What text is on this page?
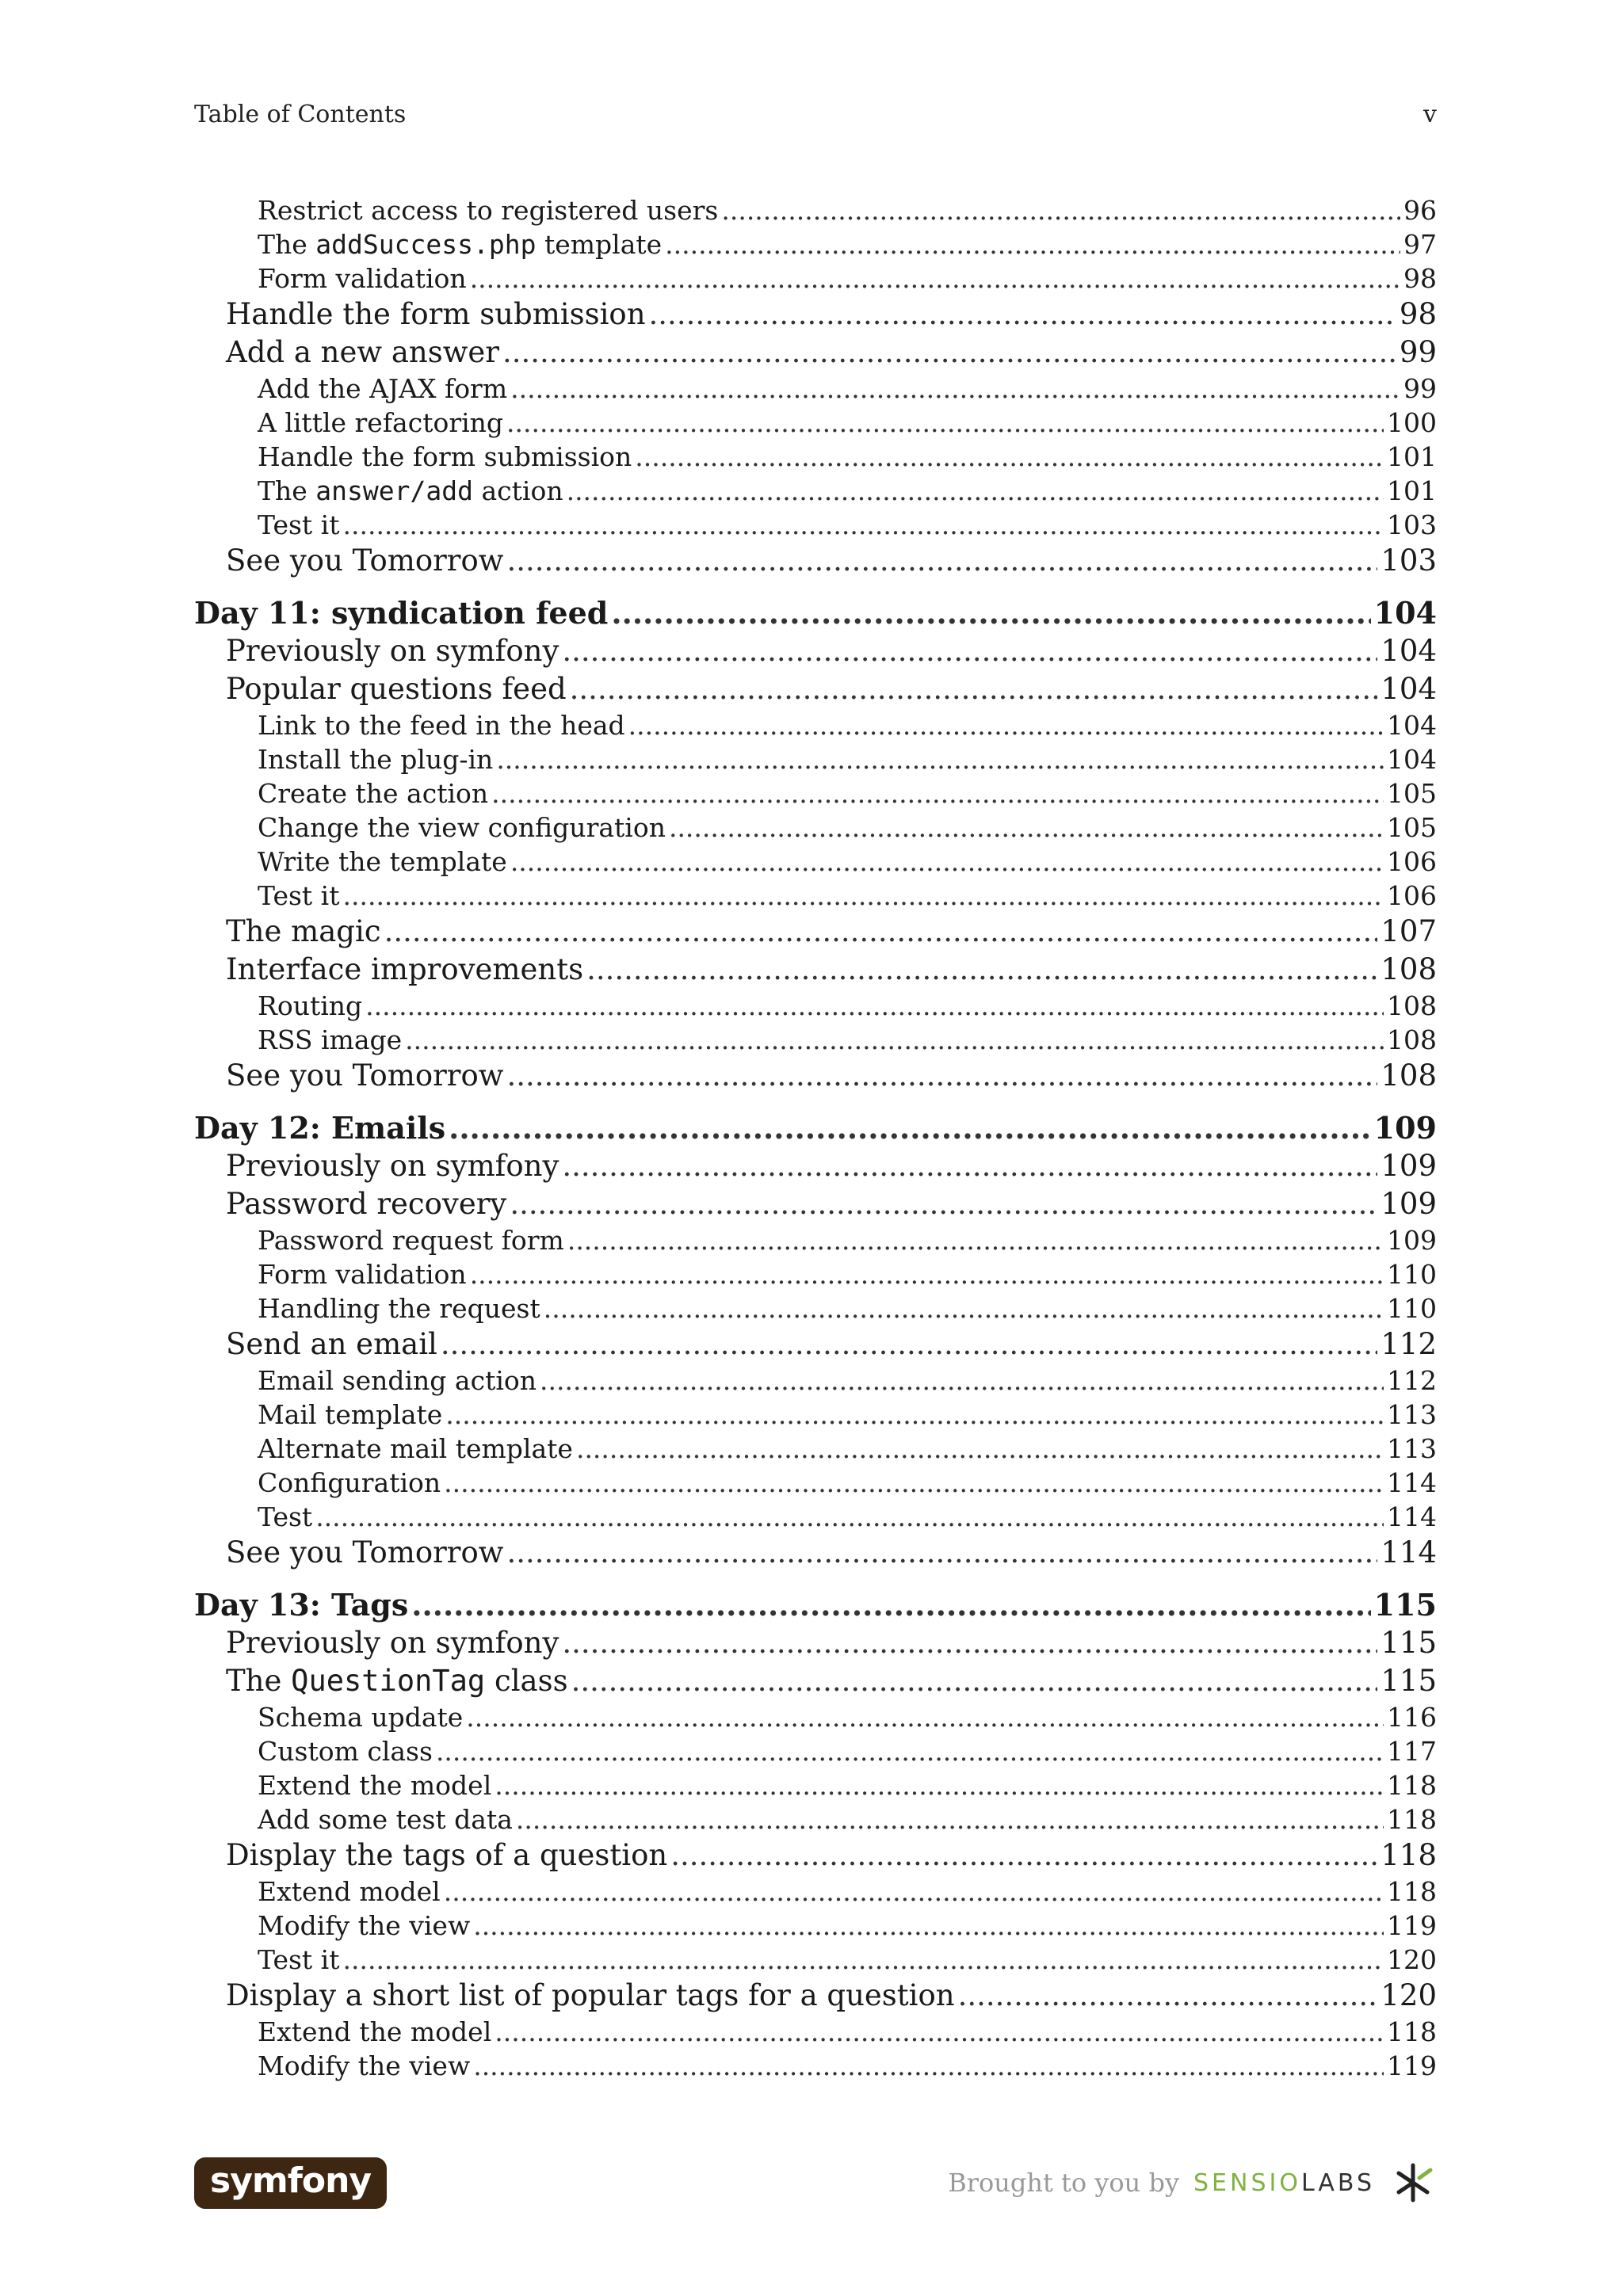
Table of Contents	v
Restrict access to registered users .....	96
The addSuccess.php template .....	97
Form validation .....	98
Handle the form submission .....	98
Add a new answer .....	99
Add the AJAX form .....	99
A little refactoring .....	100
Handle the form submission .....	101
The answer/add action .....	101
Test it .....	103
See you Tomorrow .....	103
Day 11: syndication feed .....	104
Previously on symfony .....	104
Popular questions feed .....	104
Link to the feed in the head .....	104
Install the plug-in .....	104
Create the action .....	105
Change the view configuration .....	105
Write the template .....	106
Test it .....	106
The magic .....	107
Interface improvements .....	108
Routing .....	108
RSS image .....	108
See you Tomorrow .....	108
Day 12: Emails .....	109
Previously on symfony .....	109
Password recovery .....	109
Password request form .....	109
Form validation .....	110
Handling the request .....	110
Send an email .....	112
Email sending action .....	112
Mail template .....	113
Alternate mail template .....	113
Configuration .....	114
Test .....	114
See you Tomorrow .....	114
Day 13: Tags .....	115
Previously on symfony .....	115
The QuestionTag class .....	115
Schema update .....	116
Custom class .....	117
Extend the model .....	118
Add some test data .....	118
Display the tags of a question .....	118
Extend model .....	118
Modify the view .....	119
Test it .....	120
Display a short list of popular tags for a question .....	120
Extend the model .....	118
Modify the view .....	119
symfony	Brought to you by SENSIOLABS
